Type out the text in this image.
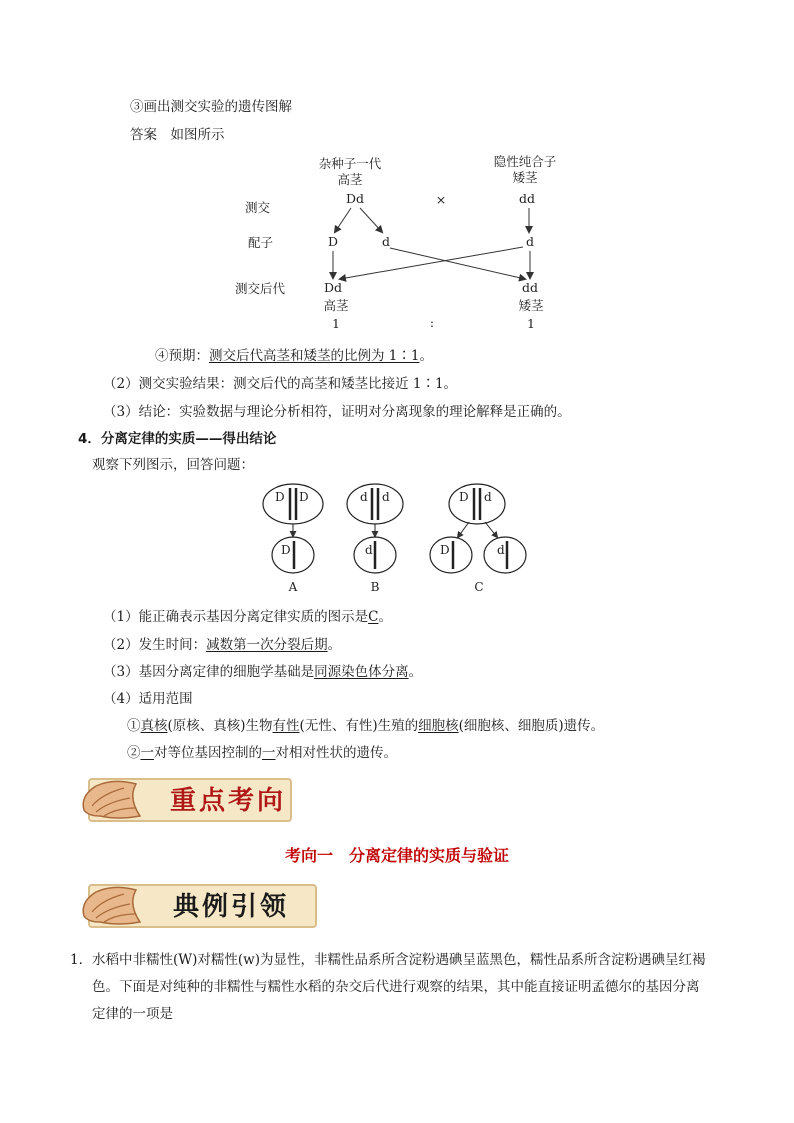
③画出测交实验的遗传图解
答案　如图所示
杂种子一代
高茎
隐性纯合子
矮茎
测交
配子
测交后代
Dd	×	dd
D	d	d
Dd	dd
高茎	矮茎
1	:	1
④预期：测交后代高茎和矮茎的比例为 1∶1。
（2）测交实验结果：测交后代的高茎和矮茎比接近 1∶1。
（3）结论：实验数据与理论分析相符，证明对分离现象的理论解释是正确的。
4．分离定律的实质——得出结论
观察下列图示，回答问题：
D D
D
d d
d
D d
D	d
A	B	C
（1）能正确表示基因分离定律实质的图示是C。
（2）发生时间：减数第一次分裂后期。
（3）基因分离定律的细胞学基础是同源染色体分离。
（4）适用范围
①真核(原核、真核)生物有性(无性、有性)生殖的细胞核(细胞核、细胞质)遗传。
②一对等位基因控制的一对相对性状的遗传。
重点考向
考向一　分离定律的实质与验证
典例引领
1． 水稻中非糯性(W)对糯性(w)为显性，非糯性品系所含淀粉遇碘呈蓝黑色，糯性品系所含淀粉遇碘呈红褐
色。下面是对纯种的非糯性与糯性水稻的杂交后代进行观察的结果，其中能直接证明孟德尔的基因分离
定律的一项是
